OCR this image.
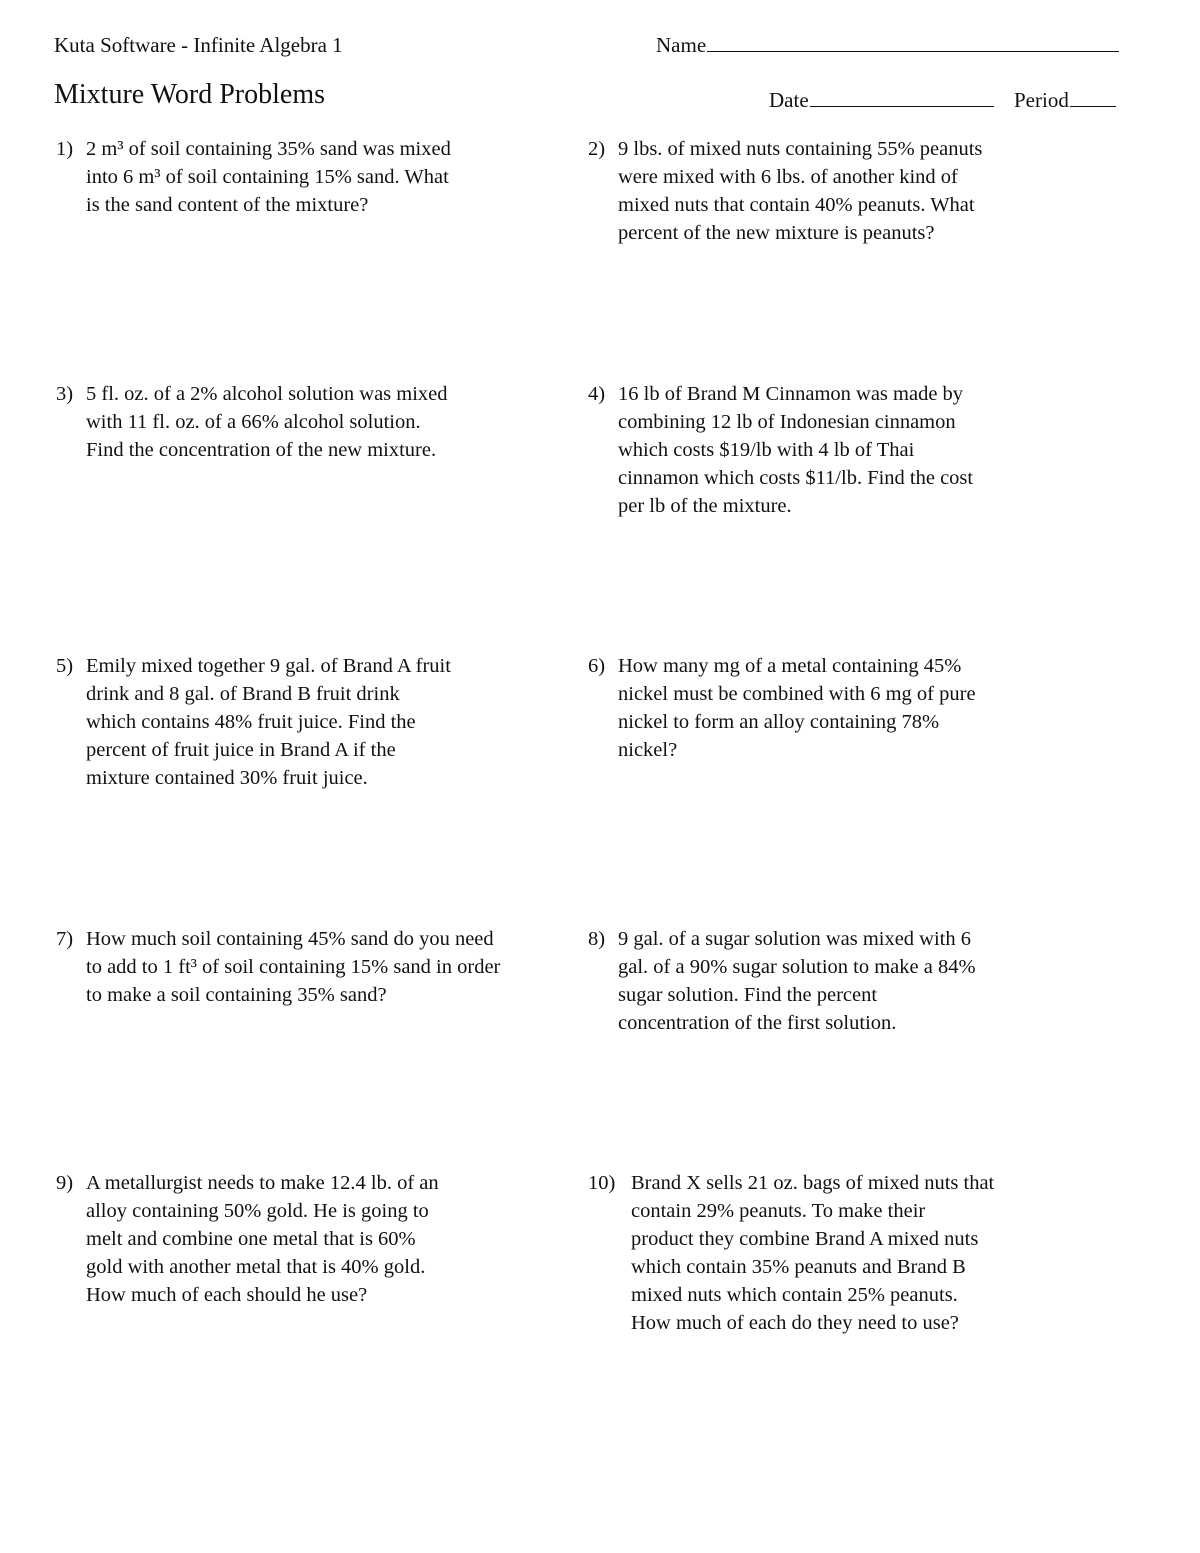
Kuta Software - Infinite Algebra 1	Name
Mixture Word Problems	Date	Period
1) 2 m³ of soil containing 35% sand was mixed
into 6 m³ of soil containing 15% sand. What
is the sand content of the mixture?
2) 9 lbs. of mixed nuts containing 55% peanuts
were mixed with 6 lbs. of another kind of
mixed nuts that contain 40% peanuts. What
percent of the new mixture is peanuts?
3) 5 fl. oz. of a 2% alcohol solution was mixed
with 11 fl. oz. of a 66% alcohol solution.
Find the concentration of the new mixture.
4) 16 lb of Brand M Cinnamon was made by
combining 12 lb of Indonesian cinnamon
which costs $19/lb with 4 lb of Thai
cinnamon which costs $11/lb. Find the cost
per lb of the mixture.
5) Emily mixed together 9 gal. of Brand A fruit
drink and 8 gal. of Brand B fruit drink
which contains 48% fruit juice. Find the
percent of fruit juice in Brand A if the
mixture contained 30% fruit juice.
6) How many mg of a metal containing 45%
nickel must be combined with 6 mg of pure
nickel to form an alloy containing 78%
nickel?
7) How much soil containing 45% sand do you need
to add to 1 ft³ of soil containing 15% sand in order
to make a soil containing 35% sand?
8) 9 gal. of a sugar solution was mixed with 6
gal. of a 90% sugar solution to make a 84%
sugar solution. Find the percent
concentration of the first solution.
9) A metallurgist needs to make 12.4 lb. of an
alloy containing 50% gold. He is going to
melt and combine one metal that is 60%
gold with another metal that is 40% gold.
How much of each should he use?
10) Brand X sells 21 oz. bags of mixed nuts that
contain 29% peanuts. To make their
product they combine Brand A mixed nuts
which contain 35% peanuts and Brand B
mixed nuts which contain 25% peanuts.
How much of each do they need to use?
